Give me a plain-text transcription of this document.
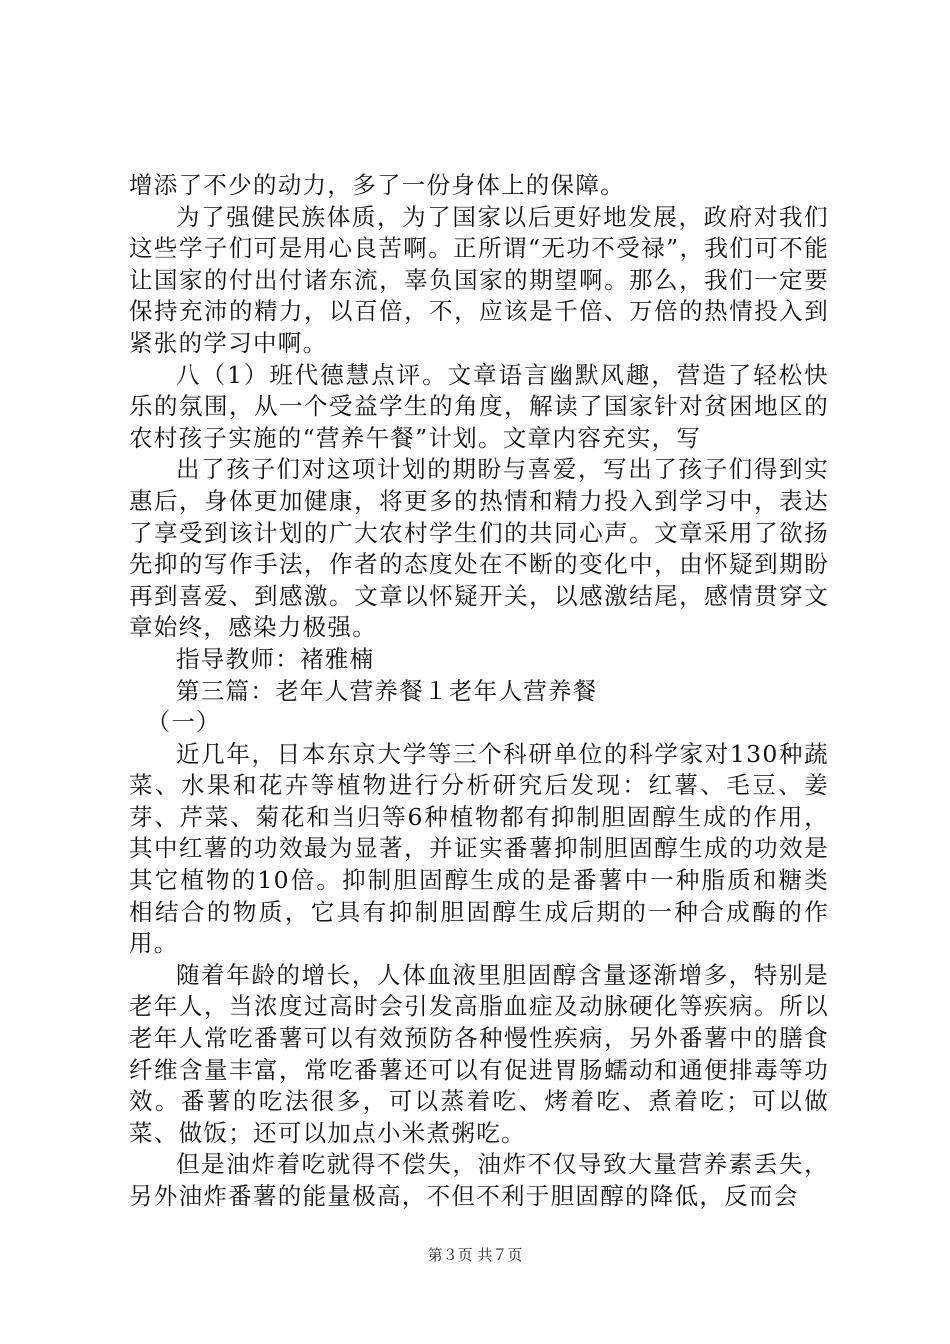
增添了不少的动力，多了一份身体上的保障。

为了强健民族体质，为了国家以后更好地发展，政府对我们这些学子们可是用心良苦啊。正所谓“无功不受禄”，我们可不能让国家的付出付诸东流，辜负国家的期望啊。那么，我们一定要保持充沛的精力，以百倍，不，应该是千倍、万倍的热情投入到紧张的学习中啊。

八（1）班代德慧点评。文章语言幽默风趣，营造了轻松快乐的氛围，从一个受益学生的角度，解读了国家针对贫困地区的农村孩子实施的“营养午餐”计划。文章内容充实，写

出了孩子们对这项计划的期盼与喜爱，写出了孩子们得到实惠后，身体更加健康，将更多的热情和精力投入到学习中，表达了享受到该计划的广大农村学生们的共同心声。文章采用了欲扬先抑的写作手法，作者的态度处在不断的变化中，由怀疑到期盼再到喜爱、到感激。文章以怀疑开关，以感激结尾，感情贯穿文章始终，感染力极强。

指导教师：褚雅楠

第三篇：老年人营养餐１老年人营养餐

（一）

近几年，日本东京大学等三个科研单位的科学家对130种蔬菜、水果和花卉等植物进行分析研究后发现：红薯、毛豆、姜芽、芹菜、菊花和当归等6种植物都有抑制胆固醇生成的作用，其中红薯的功效最为显著，并证实番薯抑制胆固醇生成的功效是其它植物的10倍。抑制胆固醇生成的是番薯中一种脂质和糖类相结合的物质，它具有抑制胆固醇生成后期的一种合成酶的作用。

随着年龄的增长，人体血液里胆固醇含量逐渐增多，特别是老年人，当浓度过高时会引发高脂血症及动脉硬化等疾病。所以老年人常吃番薯可以有效预防各种慢性疾病，另外番薯中的膳食纤维含量丰富，常吃番薯还可以有促进胃肠蠕动和通便排毒等功效。番薯的吃法很多，可以蒸着吃、烤着吃、煮着吃；可以做菜、做饭；还可以加点小米煮粥吃。

但是油炸着吃就得不偿失，油炸不仅导致大量营养素丢失，另外油炸番薯的能量极高，不但不利于胆固醇的降低，反而会

第３页 共７页
